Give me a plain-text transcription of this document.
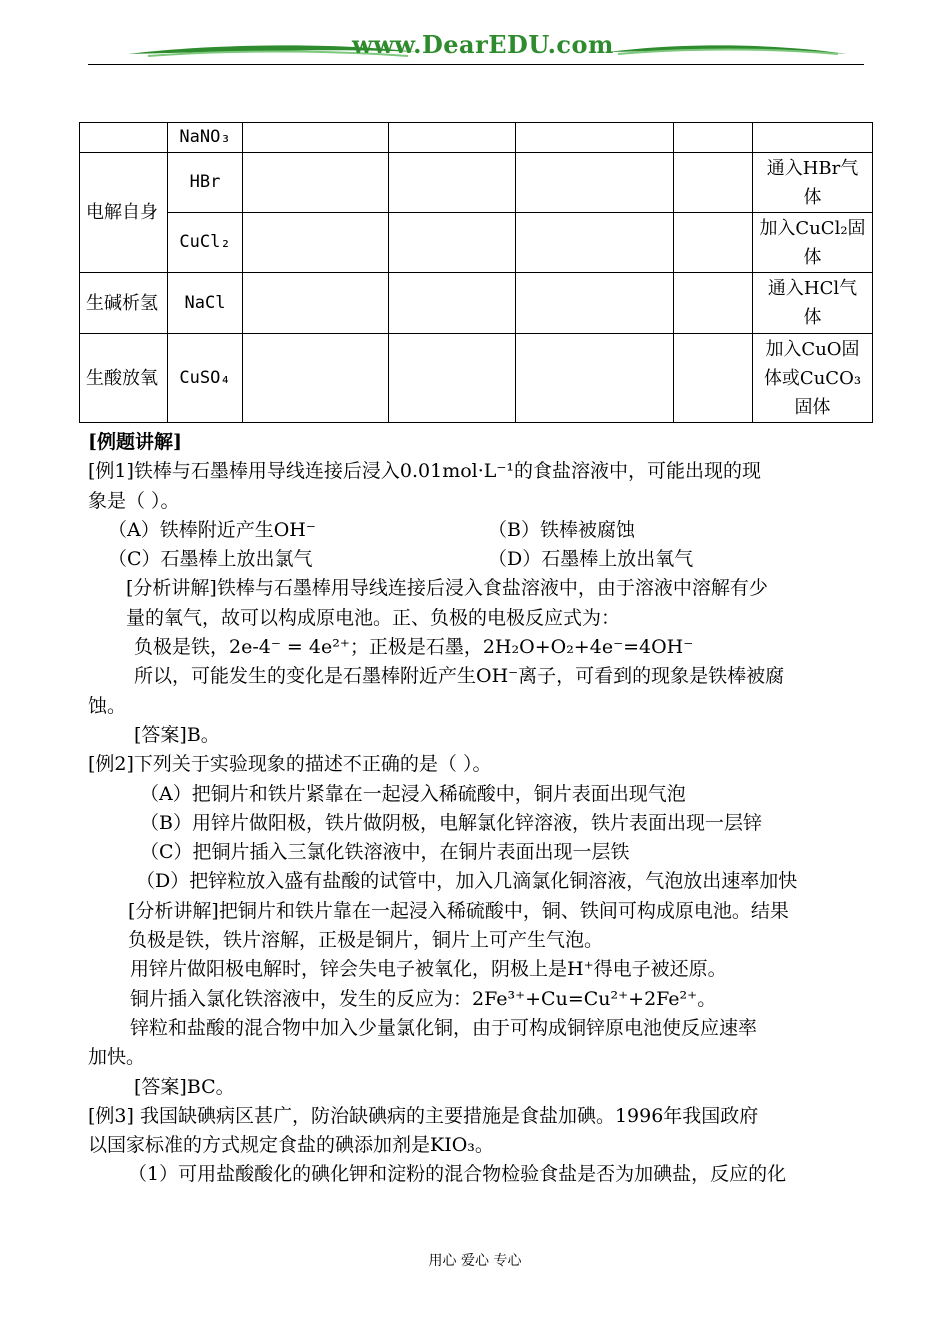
www.DearEDU.com
	NaNO₃					
电解自身	HBr					通入HBr气体
	CuCl₂					加入CuCl₂固体
生碱析氢	NaCl					通入HCl气体
生酸放氧	CuSO₄					加入CuO固体或CuCO₃固体

[例题讲解]

[例1]铁棒与石墨棒用导线连接后浸入0.01mol·L⁻¹的食盐溶液中，可能出现的现

象是（ ）。

（A）铁棒附近产生OH⁻	（B）铁棒被腐蚀

（C）石墨棒上放出氯气	（D）石墨棒上放出氧气

[分析讲解]铁棒与石墨棒用导线连接后浸入食盐溶液中，由于溶液中溶解有少

量的氧气，故可以构成原电池。正、负极的电极反应式为：

负极是铁，2e-4⁻ = 4e²⁺；正极是石墨，2H₂O+O₂+4e⁻=4OH⁻

所以，可能发生的变化是石墨棒附近产生OH⁻离子，可看到的现象是铁棒被腐

蚀。

[答案]B。

[例2]下列关于实验现象的描述不正确的是（ ）。

（A）把铜片和铁片紧靠在一起浸入稀硫酸中，铜片表面出现气泡

（B）用锌片做阳极，铁片做阴极，电解氯化锌溶液，铁片表面出现一层锌

（C）把铜片插入三氯化铁溶液中，在铜片表面出现一层铁

（D）把锌粒放入盛有盐酸的试管中，加入几滴氯化铜溶液，气泡放出速率加快

[分析讲解]把铜片和铁片靠在一起浸入稀硫酸中，铜、铁间可构成原电池。结果

负极是铁，铁片溶解，正极是铜片，铜片上可产生气泡。

用锌片做阳极电解时，锌会失电子被氧化，阴极上是H⁺得电子被还原。

铜片插入氯化铁溶液中，发生的反应为：2Fe³⁺+Cu=Cu²⁺+2Fe²⁺。

锌粒和盐酸的混合物中加入少量氯化铜，由于可构成铜锌原电池使反应速率

加快。

[答案]BC。

[例3] 我国缺碘病区甚广，防治缺碘病的主要措施是食盐加碘。1996年我国政府

以国家标准的方式规定食盐的碘添加剂是KIO₃。

（1）可用盐酸酸化的碘化钾和淀粉的混合物检验食盐是否为加碘盐，反应的化

用心 爱心 专心
